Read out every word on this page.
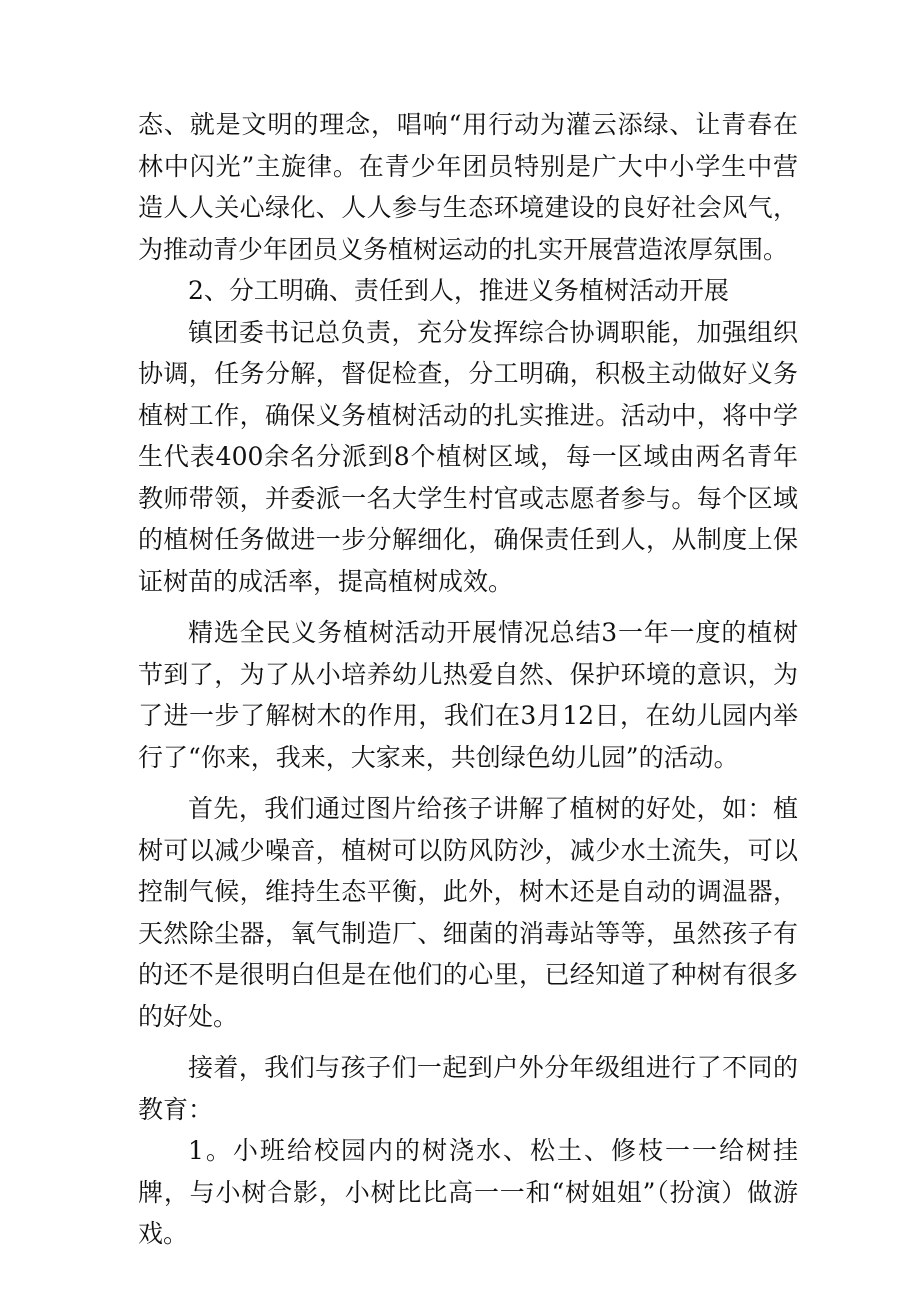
态、就是文明的理念，唱响“用行动为灌云添绿、让青春在林中闪光”主旋律。在青少年团员特别是广大中小学生中营造人人关心绿化、人人参与生态环境建设的良好社会风气，为推动青少年团员义务植树运动的扎实开展营造浓厚氛围。

2、分工明确、责任到人，推进义务植树活动开展

镇团委书记总负责，充分发挥综合协调职能，加强组织协调，任务分解，督促检查，分工明确，积极主动做好义务植树工作，确保义务植树活动的扎实推进。活动中，将中学生代表400余名分派到8个植树区域，每一区域由两名青年教师带领，并委派一名大学生村官或志愿者参与。每个区域的植树任务做进一步分解细化，确保责任到人，从制度上保证树苗的成活率，提高植树成效。

精选全民义务植树活动开展情况总结3一年一度的植树节到了，为了从小培养幼儿热爱自然、保护环境的意识，为了进一步了解树木的作用，我们在3月12日，在幼儿园内举行了“你来，我来，大家来，共创绿色幼儿园”的活动。

首先，我们通过图片给孩子讲解了植树的好处，如：植树可以减少噪音，植树可以防风防沙，减少水土流失，可以控制气候，维持生态平衡，此外，树木还是自动的调温器，天然除尘器，氧气制造厂、细菌的消毒站等等，虽然孩子有的还不是很明白但是在他们的心里，已经知道了种树有很多的好处。

接着，我们与孩子们一起到户外分年级组进行了不同的教育：

1。小班给校园内的树浇水、松土、修枝一一给树挂牌，与小树合影，小树比比高一一和“树姐姐”（扮演）做游戏。
